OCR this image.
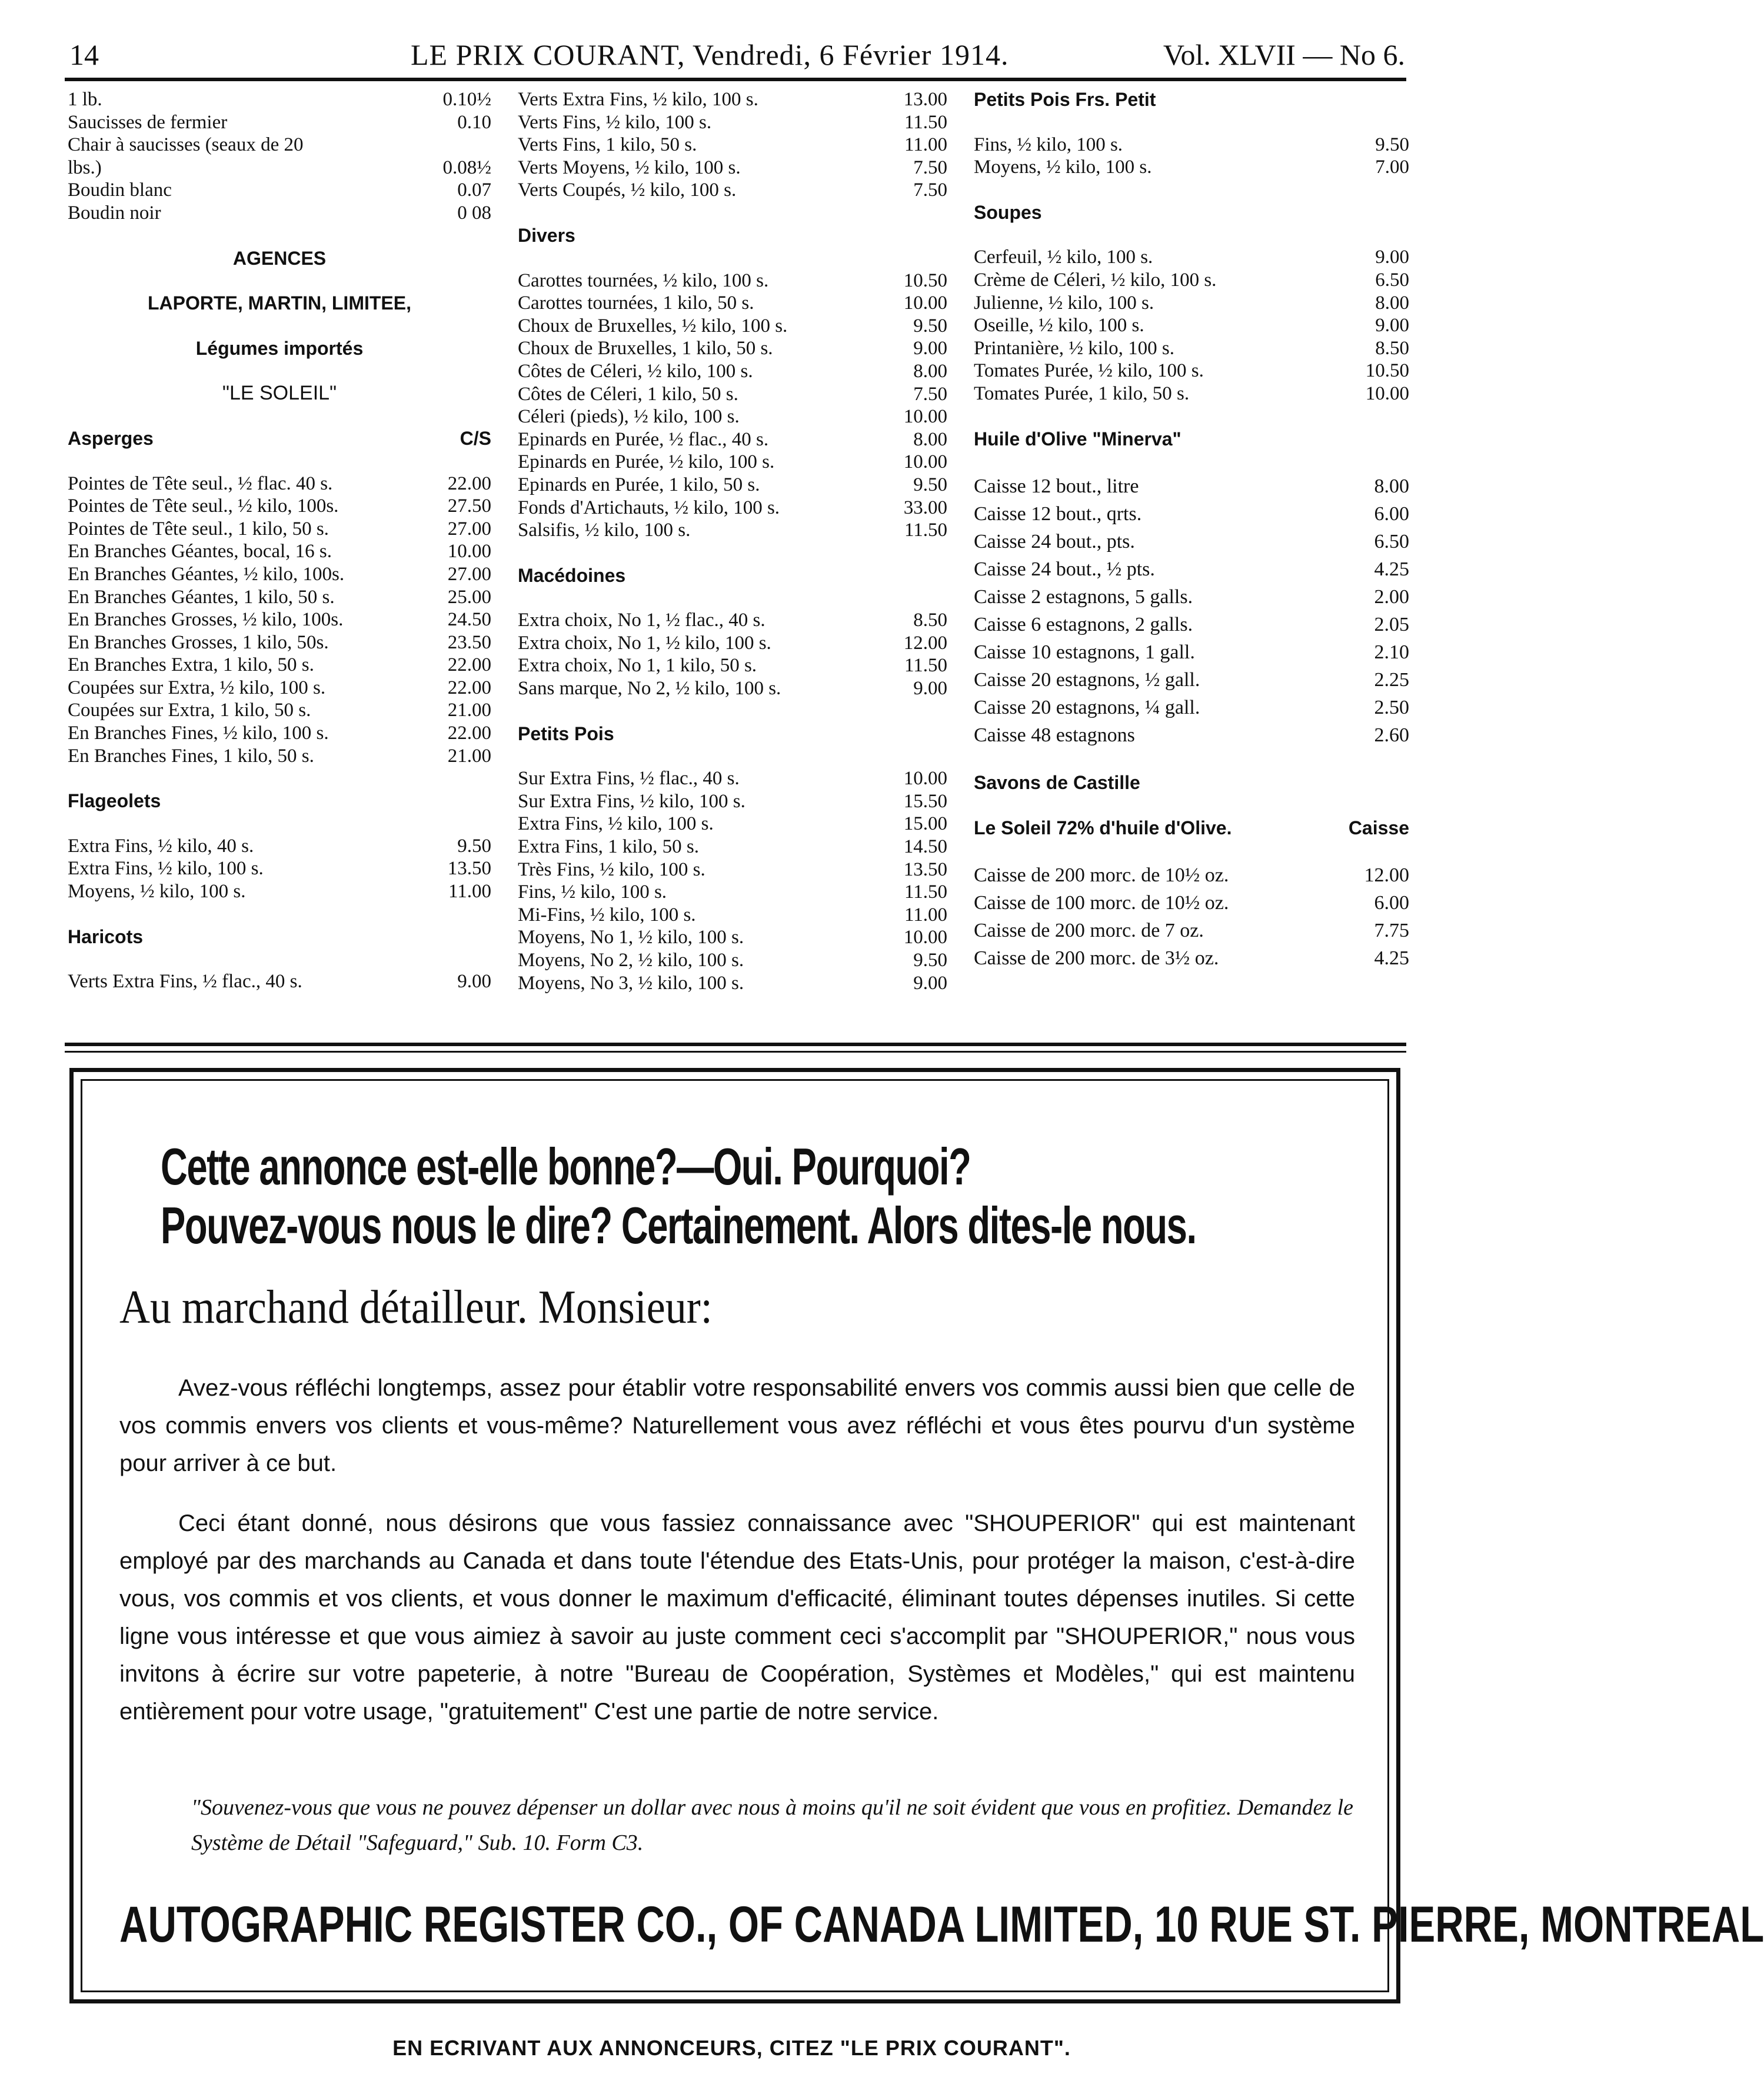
14	LE PRIX COURANT, Vendredi, 6 Février 1914.	Vol. XLVII — No 6.
1 lb.	0.10½
Saucisses de fermier	0.10
Chair à saucisses (seaux de 20
lbs.)	0.08½
Boudin blanc	0.07
Boudin noir	0 08
AGENCES
LAPORTE, MARTIN, LIMITEE,
Légumes importés
"LE SOLEIL"
Asperges	C/S
Pointes de Tête seul., ½ flac. 40 s.	22.00
Pointes de Tête seul., ½ kilo, 100s.	27.50
Pointes de Tête seul., 1 kilo, 50 s.	27.00
En Branches Géantes, bocal, 16 s.	10.00
En Branches Géantes, ½ kilo, 100s.	27.00
En Branches Géantes, 1 kilo, 50 s.	25.00
En Branches Grosses, ½ kilo, 100s.	24.50
En Branches Grosses, 1 kilo, 50s.	23.50
En Branches Extra, 1 kilo, 50 s.	22.00
Coupées sur Extra, ½ kilo, 100 s.	22.00
Coupées sur Extra, 1 kilo, 50 s.	21.00
En Branches Fines, ½ kilo, 100 s.	22.00
En Branches Fines, 1 kilo, 50 s.	21.00
Flageolets
Extra Fins, ½ kilo, 40 s.	9.50
Extra Fins, ½ kilo, 100 s.	13.50
Moyens, ½ kilo, 100 s.	11.00
Haricots
Verts Extra Fins, ½ flac., 40 s.	9.00
Verts Extra Fins, ½ kilo, 100 s.	13.00
Verts Fins, ½ kilo, 100 s.	11.50
Verts Fins, 1 kilo, 50 s.	11.00
Verts Moyens, ½ kilo, 100 s.	7.50
Verts Coupés, ½ kilo, 100 s.	7.50
Divers
Carottes tournées, ½ kilo, 100 s.	10.50
Carottes tournées, 1 kilo, 50 s.	10.00
Choux de Bruxelles, ½ kilo, 100 s.	9.50
Choux de Bruxelles, 1 kilo, 50 s.	9.00
Côtes de Céleri, ½ kilo, 100 s.	8.00
Côtes de Céleri, 1 kilo, 50 s.	7.50
Céleri (pieds), ½ kilo, 100 s.	10.00
Epinards en Purée, ½ flac., 40 s.	8.00
Epinards en Purée, ½ kilo, 100 s.	10.00
Epinards en Purée, 1 kilo, 50 s.	9.50
Fonds d'Artichauts, ½ kilo, 100 s.	33.00
Salsifis, ½ kilo, 100 s.	11.50
Macédoines
Extra choix, No 1, ½ flac., 40 s.	8.50
Extra choix, No 1, ½ kilo, 100 s.	12.00
Extra choix, No 1, 1 kilo, 50 s.	11.50
Sans marque, No 2, ½ kilo, 100 s.	9.00
Petits Pois
Sur Extra Fins, ½ flac., 40 s.	10.00
Sur Extra Fins, ½ kilo, 100 s.	15.50
Extra Fins, ½ kilo, 100 s.	15.00
Extra Fins, 1 kilo, 50 s.	14.50
Très Fins, ½ kilo, 100 s.	13.50
Fins, ½ kilo, 100 s.	11.50
Mi-Fins, ½ kilo, 100 s.	11.00
Moyens, No 1, ½ kilo, 100 s.	10.00
Moyens, No 2, ½ kilo, 100 s.	9.50
Moyens, No 3, ½ kilo, 100 s.	9.00
Petits Pois Frs. Petit
Fins, ½ kilo, 100 s.	9.50
Moyens, ½ kilo, 100 s.	7.00
Soupes
Cerfeuil, ½ kilo, 100 s.	9.00
Crème de Céleri, ½ kilo, 100 s.	6.50
Julienne, ½ kilo, 100 s.	8.00
Oseille, ½ kilo, 100 s.	9.00
Printanière, ½ kilo, 100 s.	8.50
Tomates Purée, ½ kilo, 100 s.	10.50
Tomates Purée, 1 kilo, 50 s.	10.00
Huile d'Olive "Minerva"
Caisse 12 bout., litre	8.00
Caisse 12 bout., qrts.	6.00
Caisse 24 bout., pts.	6.50
Caisse 24 bout., ½ pts.	4.25
Caisse 2 estagnons, 5 galls.	2.00
Caisse 6 estagnons, 2 galls.	2.05
Caisse 10 estagnons, 1 gall.	2.10
Caisse 20 estagnons, ½ gall.	2.25
Caisse 20 estagnons, ¼ gall.	2.50
Caisse 48 estagnons	2.60
Savons de Castille
Le Soleil 72% d'huile d'Olive.	Caisse
Caisse de 200 morc. de 10½ oz.	12.00
Caisse de 100 morc. de 10½ oz.	6.00
Caisse de 200 morc. de 7 oz.	7.75
Caisse de 200 morc. de 3½ oz.	4.25
Cette annonce est-elle bonne?—Oui. Pourquoi?
Pouvez-vous nous le dire? Certainement. Alors dites-le nous.
Au marchand détailleur. Monsieur:
Avez-vous réfléchi longtemps, assez pour établir votre responsabilité envers vos commis aussi bien que celle de vos commis envers vos clients et vous-même? Naturellement vous avez réfléchi et vous êtes pourvu d'un système pour arriver à ce but.
Ceci étant donné, nous désirons que vous fassiez connaissance avec "SHOUPERIOR" qui est maintenant employé par des marchands au Canada et dans toute l'étendue des Etats-Unis, pour protéger la maison, c'est-à-dire vous, vos commis et vos clients, et vous donner le maximum d'efficacité, éliminant toutes dépenses inutiles. Si cette ligne vous intéresse et que vous aimiez à savoir au juste comment ceci s'accomplit par "SHOUPERIOR," nous vous invitons à écrire sur votre papeterie, à notre "Bureau de Coopération, Systèmes et Modèles," qui est maintenu entièrement pour votre usage, "gratuitement" C'est une partie de notre service.
"Souvenez-vous que vous ne pouvez dépenser un dollar avec nous à moins qu'il ne soit évident que vous en profitiez. Demandez le Système de Détail "Safeguard," Sub. 10. Form C3.
AUTOGRAPHIC REGISTER CO., OF CANADA LIMITED, 10 RUE ST. PIERRE, MONTREAL
EN ECRIVANT AUX ANNONCEURS, CITEZ "LE PRIX COURANT".
